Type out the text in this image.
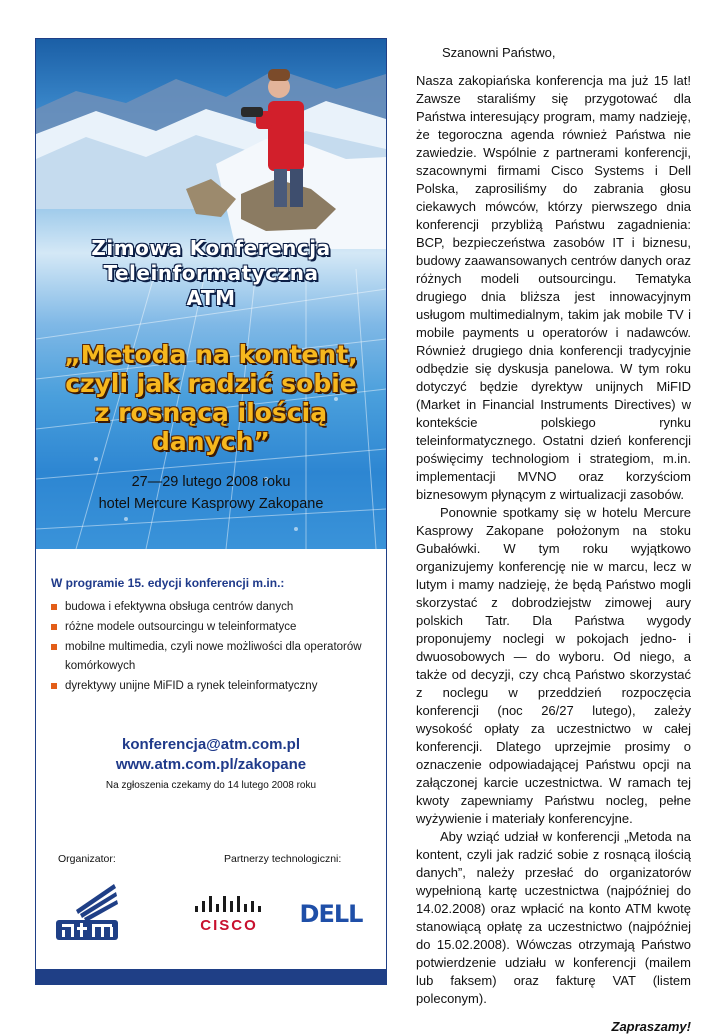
Zimowa Konferencja
Teleinformatyczna
ATM
„Metoda na kontent,
czyli jak radzić sobie
z rosnącą ilością
danych”
27—29 lutego 2008 roku
hotel Mercure Kasprowy Zakopane
W programie 15. edycji konferencji m.in.:
budowa i efektywna obsługa centrów danych
różne modele outsourcingu w teleinformatyce
mobilne multimedia, czyli nowe możliwości dla operatorów komórkowych
dyrektywy unijne MiFID a rynek teleinformatyczny
konferencja@atm.com.pl
www.atm.com.pl/zakopane
Na zgłoszenia czekamy do 14 lutego 2008 roku
Organizator:	Partnerzy technologiczni:
CISCO DELL
Szanowni Państwo,

Nasza zakopiańska konferencja ma już 15 lat! Zawsze staraliśmy się przygotować dla Państwa interesujący program, mamy nadzieję, że tegoroczna agenda również Państwa nie zawiedzie. Wspólnie z partnerami konferencji, szacownymi firmami Cisco Systems i Dell Polska, zaprosiliśmy do zabrania głosu ciekawych mówców, którzy pierwszego dnia konferencji przybliżą Państwu zagadnienia: BCP, bezpieczeństwa zasobów IT i biznesu, budowy zaawansowanych centrów danych oraz różnych modeli outsourcingu. Tematyka drugiego dnia bliższa jest innowacyjnym usługom multimedialnym, takim jak mobile TV i mobile payments u operatorów i nadawców. Również drugiego dnia konferencji tradycyjnie odbędzie się dyskusja panelowa. W tym roku dotyczyć będzie dyrektyw unijnych MiFID (Market in Financial Instruments Directives) w kontekście polskiego rynku teleinformatycznego. Ostatni dzień konferencji poświęcimy technologiom i strategiom, m.in. implementacji MVNO oraz korzyściom biznesowym płynącym z wirtualizacji zasobów.

Ponownie spotkamy się w hotelu Mercure Kasprowy Zakopane położonym na stoku Gubałówki. W tym roku wyjątkowo organizujemy konferencję nie w marcu, lecz w lutym i mamy nadzieję, że będą Państwo mogli skorzystać z dobrodziejstw zimowej aury polskich Tatr. Dla Państwa wygody proponujemy noclegi w pokojach jedno- i dwuosobowych — do wyboru. Od niego, a także od decyzji, czy chcą Państwo skorzystać z noclegu w przeddzień rozpoczęcia konferencji (noc 26/27 lutego), zależy wysokość opłaty za uczestnictwo w całej konferencji. Dlatego uprzejmie prosimy o oznaczenie odpowiadającej Państwu opcji na załączonej karcie uczestnictwa. W ramach tej kwoty zapewniamy Państwu nocleg, pełne wyżywienie i materiały konferencyjne.

Aby wziąć udział w konferencji „Metoda na kontent, czyli jak radzić sobie z rosnącą ilością danych”, należy przesłać do organizatorów wypełnioną kartę uczestnictwa (najpóźniej do 14.02.2008) oraz wpłacić na konto ATM kwotę stanowiącą opłatę za uczestnictwo (najpóźniej do 15.02.2008). Wówczas otrzymają Państwo potwierdzenie udziału w konferencji (mailem lub faksem) oraz fakturę VAT (listem poleconym).

Zapraszamy!
